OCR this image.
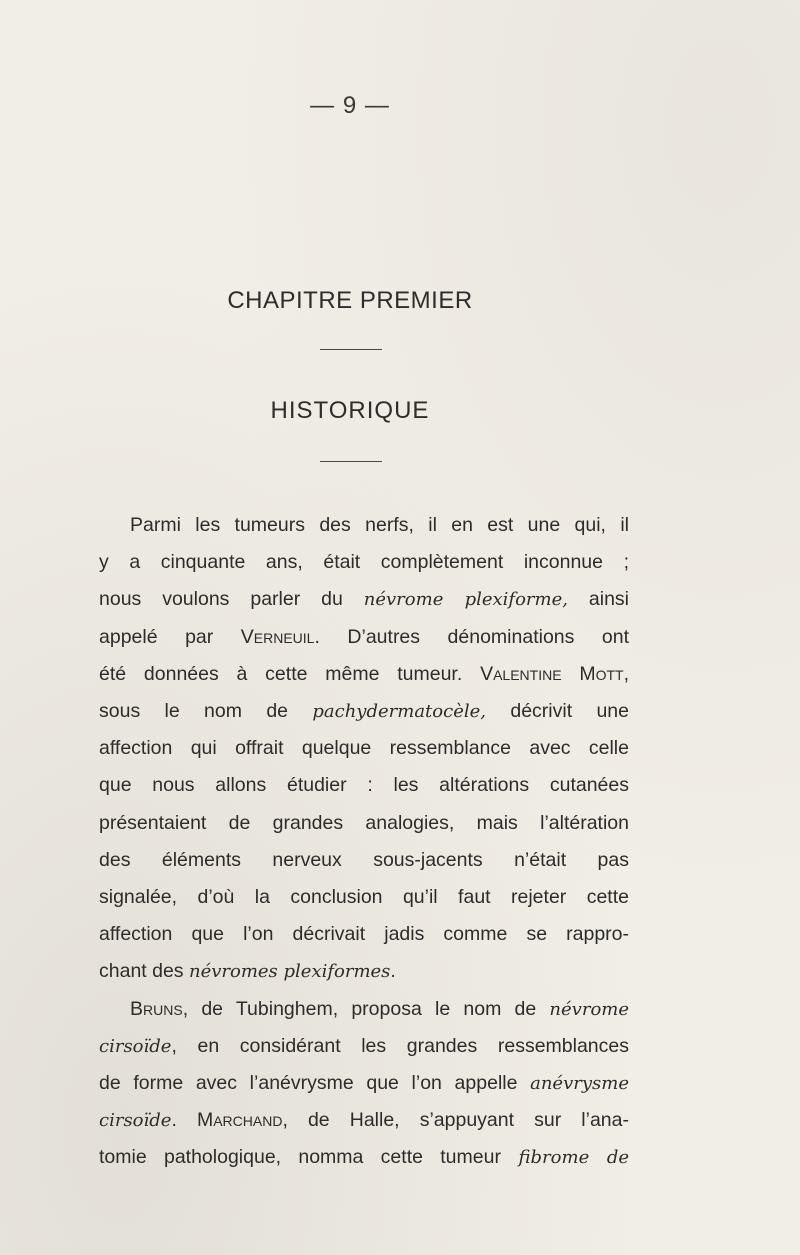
— 9 —
CHAPITRE PREMIER
HISTORIQUE
Parmi les tumeurs des nerfs, il en est une qui, il
y a cinquante ans, était complètement inconnue ;
nous voulons parler du névrome plexiforme, ainsi
appelé par Verneuil. D’autres dénominations ont
été données à cette même tumeur. Valentine Mott,
sous le nom de pachydermatocèle, décrivit une
affection qui offrait quelque ressemblance avec celle
que nous allons étudier : les altérations cutanées
présentaient de grandes analogies, mais l’altération
des éléments nerveux sous-jacents n’était pas
signalée, d’où la conclusion qu’il faut rejeter cette
affection que l’on décrivait jadis comme se rappro-
chant des névromes plexiformes.
Bruns, de Tubinghem, proposa le nom de névrome
cirsoïde, en considérant les grandes ressemblances
de forme avec l’anévrysme que l’on appelle anévrysme
cirsoïde. Marchand, de Halle, s’appuyant sur l’ana-
tomie pathologique, nomma cette tumeur fibrome de
